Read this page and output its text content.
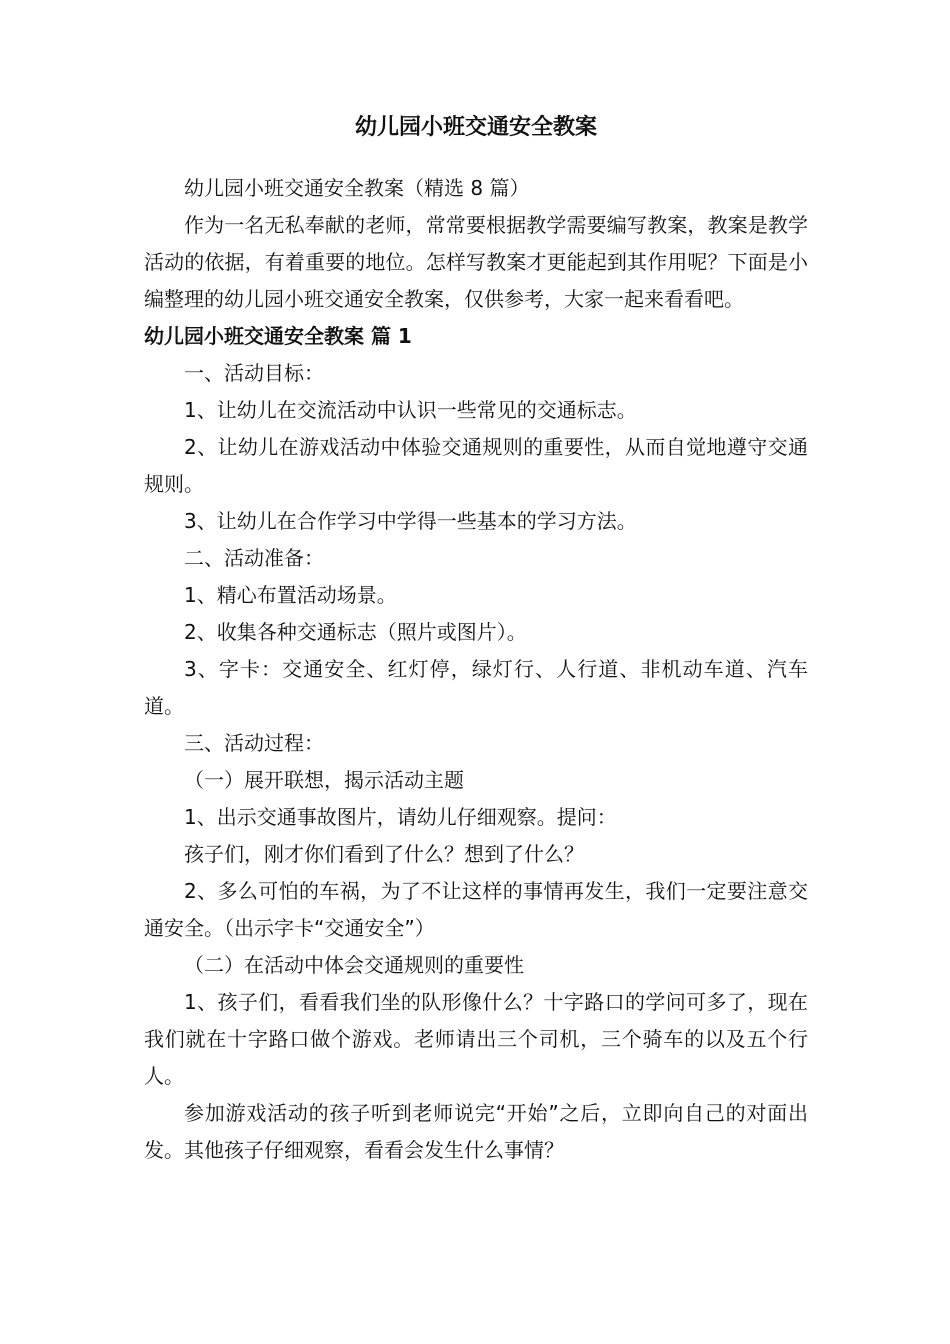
幼儿园小班交通安全教案

幼儿园小班交通安全教案（精选 8 篇）

作为一名无私奉献的老师，常常要根据教学需要编写教案，教案是教学活动的依据，有着重要的地位。怎样写教案才更能起到其作用呢？下面是小编整理的幼儿园小班交通安全教案，仅供参考，大家一起来看看吧。

幼儿园小班交通安全教案 篇 1

一、活动目标：

1、让幼儿在交流活动中认识一些常见的交通标志。

2、让幼儿在游戏活动中体验交通规则的重要性，从而自觉地遵守交通规则。

3、让幼儿在合作学习中学得一些基本的学习方法。

二、活动准备：

1、精心布置活动场景。

2、收集各种交通标志（照片或图片）。

3、字卡：交通安全、红灯停，绿灯行、人行道、非机动车道、汽车道。

三、活动过程：

（一）展开联想，揭示活动主题

1、出示交通事故图片，请幼儿仔细观察。提问：

孩子们，刚才你们看到了什么？想到了什么？

2、多么可怕的车祸，为了不让这样的事情再发生，我们一定要注意交通安全。（出示字卡“交通安全”）

（二）在活动中体会交通规则的重要性

1、孩子们，看看我们坐的队形像什么？十字路口的学问可多了，现在我们就在十字路口做个游戏。老师请出三个司机，三个骑车的以及五个行人。

参加游戏活动的孩子听到老师说完“开始”之后，立即向自己的对面出发。其他孩子仔细观察，看看会发生什么事情？
